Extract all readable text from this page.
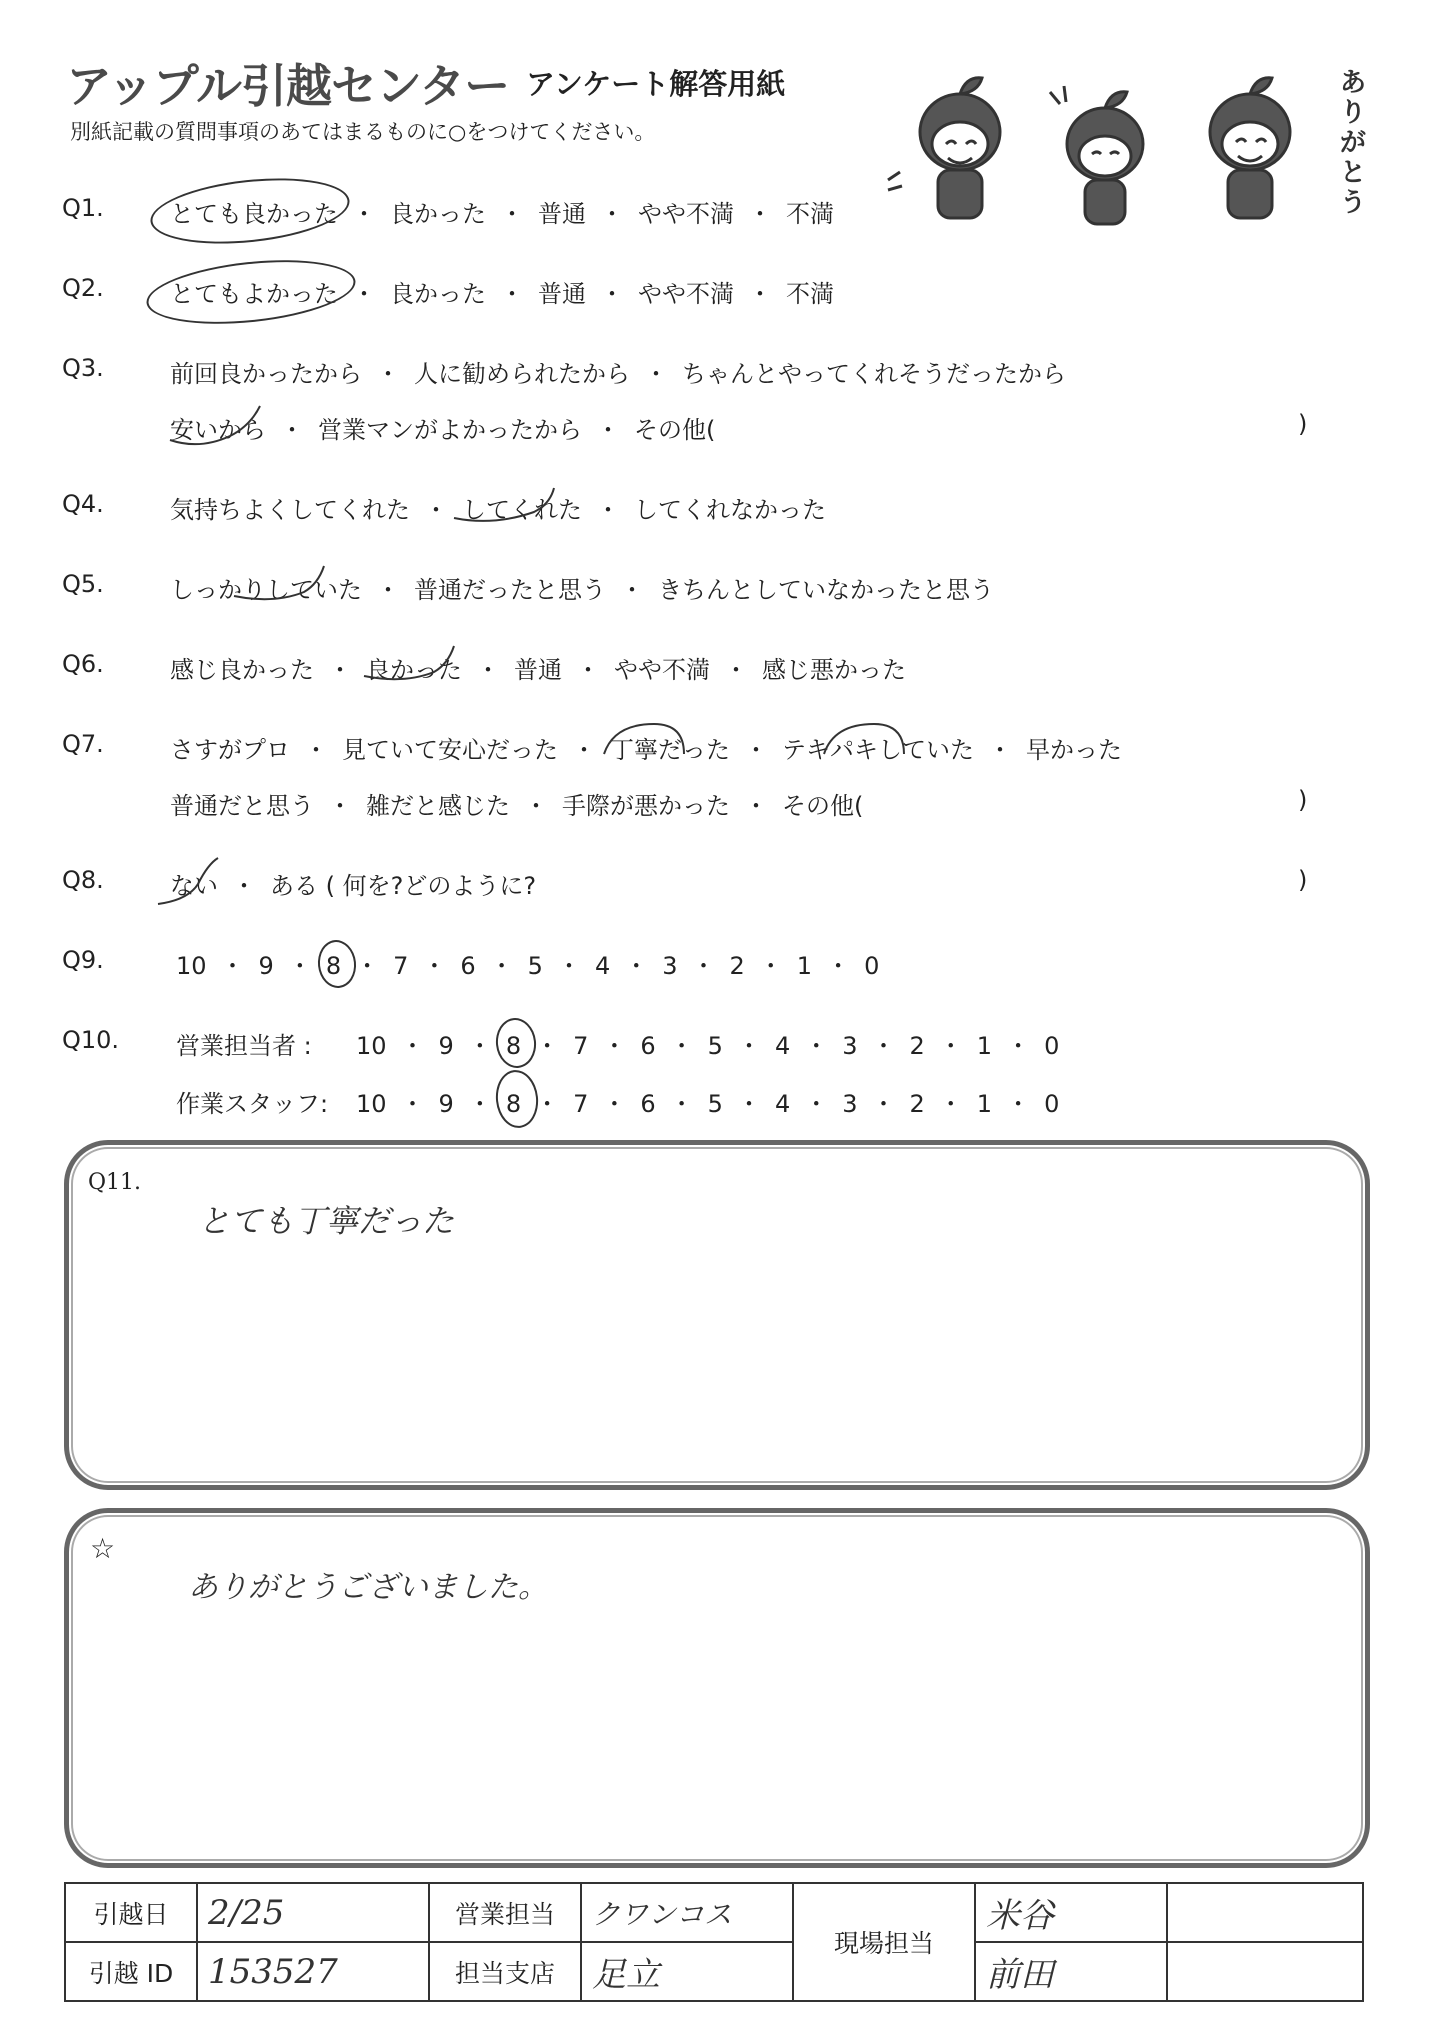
アップル引越センター アンケート解答用紙
別紙記載の質問事項のあてはまるものに○をつけてください。
ありがとう
Q1.	とても良かった ・ 良かった ・ 普通 ・ やや不満 ・ 不満
Q2.	とてもよかった ・ 良かった ・ 普通 ・ やや不満 ・ 不満
Q3.	前回良かったから ・ 人に勧められたから ・ ちゃんとやってくれそうだったから
安いから ・ 営業マンがよかったから ・ その他(	)
Q4.	気持ちよくしてくれた ・ してくれた ・ してくれなかった
Q5.	しっかりしていた ・ 普通だったと思う ・ きちんとしていなかったと思う
Q6.	感じ良かった ・ 良かった ・ 普通 ・ やや不満 ・ 感じ悪かった
Q7.	さすがプロ ・ 見ていて安心だった ・ 丁寧だった ・ テキパキしていた ・ 早かった
普通だと思う ・ 雑だと感じた ・ 手際が悪かった ・ その他(	)
Q8.	ない ・ ある ( 何を?どのように?	)
Q9.	10 ・ 9 ・ 8 ・ 7 ・ 6 ・ 5 ・ 4 ・ 3 ・ 2 ・ 1 ・ 0
Q10. 営業担当者 : 10 ・ 9 ・ 8 ・ 7 ・ 6 ・ 5 ・ 4 ・ 3 ・ 2 ・ 1 ・ 0
作業スタッフ: 10 ・ 9 ・ 8 ・ 7 ・ 6 ・ 5 ・ 4 ・ 3 ・ 2 ・ 1 ・ 0
Q11.
とても丁寧だった
☆
ありがとうございました。
引越日	2/25	営業担当	クワンコス	現場担当	米谷	
引越 ID	153527	担当支店	足立		前田	
